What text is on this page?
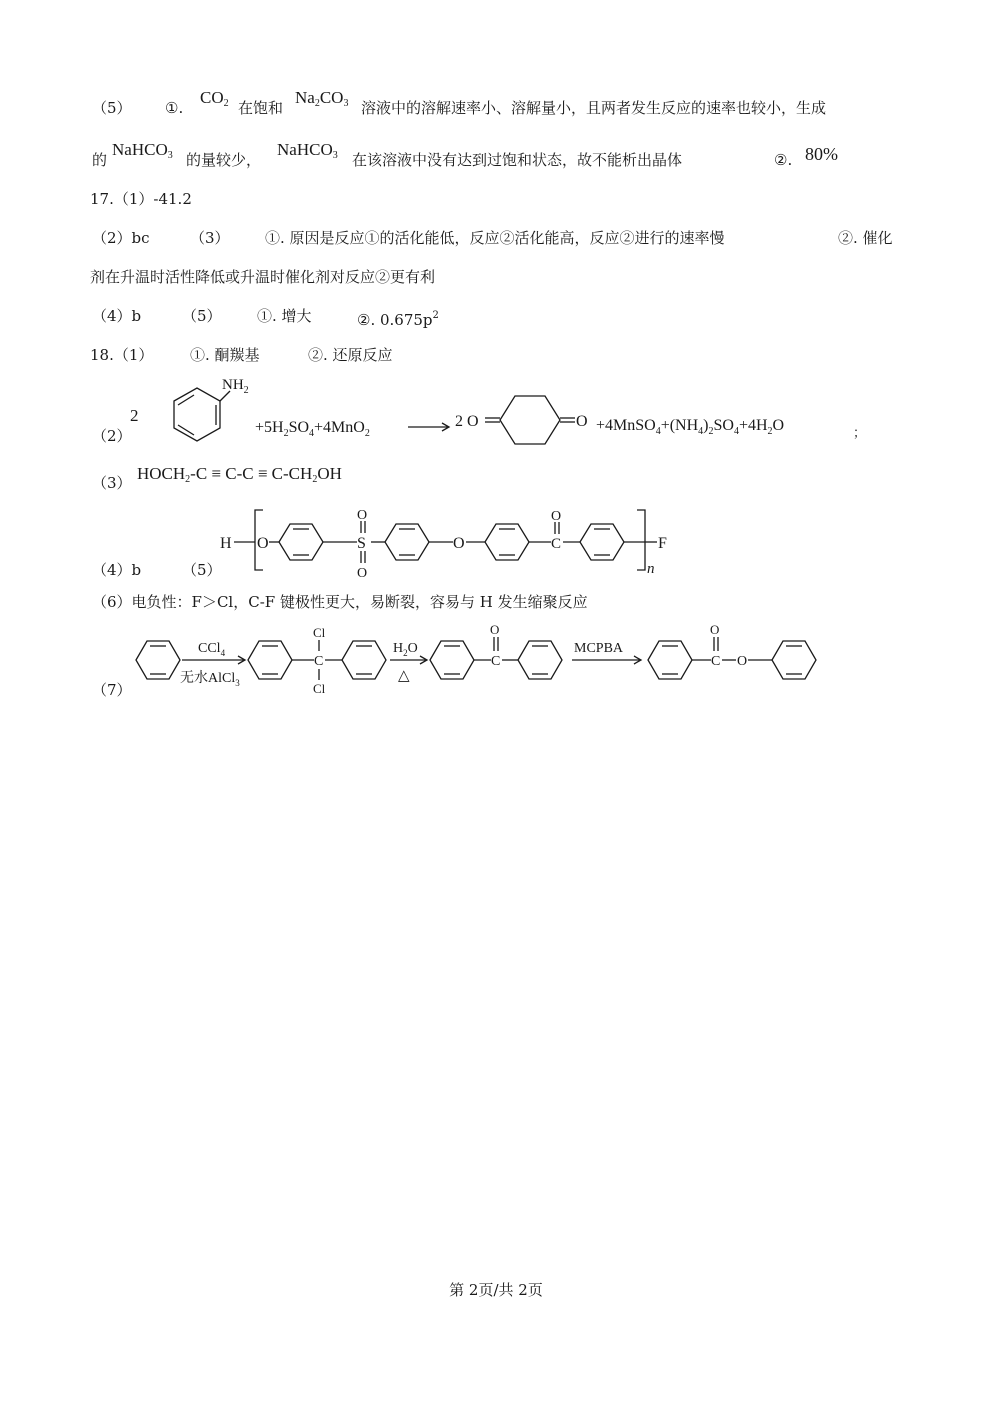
（5） ①.
$CO_2$ 在饱和
$Na_2CO_3$ 溶液中的溶解速率小、溶解量小，且两者发生反应的速率也较小，生成
的
NaHCO$_3$ 的量较少，
NaHCO$_3$ 在该溶液中没有达到过饱和状态，故不能析出晶体	②. 80%
17.（1）-41.2
（2）bc	（3） ①. 原因是反应①的活化能低，反应②活化能高，反应②进行的速率慢	②. 催化
剂在升温时活性降低或升温时催化剂对反应②更有利
（4）b	（5） ①. 增大	②. $0.675p^2$
18.（1） ①. 酮羰基	②. 还原反应
（2）
2
$NH_2$
$+5H_2SO_4+4MnO_2$
2 O	$O +4MnSO_4+(NH_4)_2SO_4+4H_2O$	；
（3） $HOCH_2-C \equiv C-C \equiv C-CH_2OH$
（4）b	（5）
H O	S
O
O
O	C
O
n
F
（6）电负性：F＞Cl，C-F 键极性更大，易断裂，容易与 H 发生缩聚反应
（7）
CCl$_4$
无水AlCl$_3$
C
Cl
Cl
$H_2O$
△
C
O
MCPBA
C
O
O
第 2页/共 2页
